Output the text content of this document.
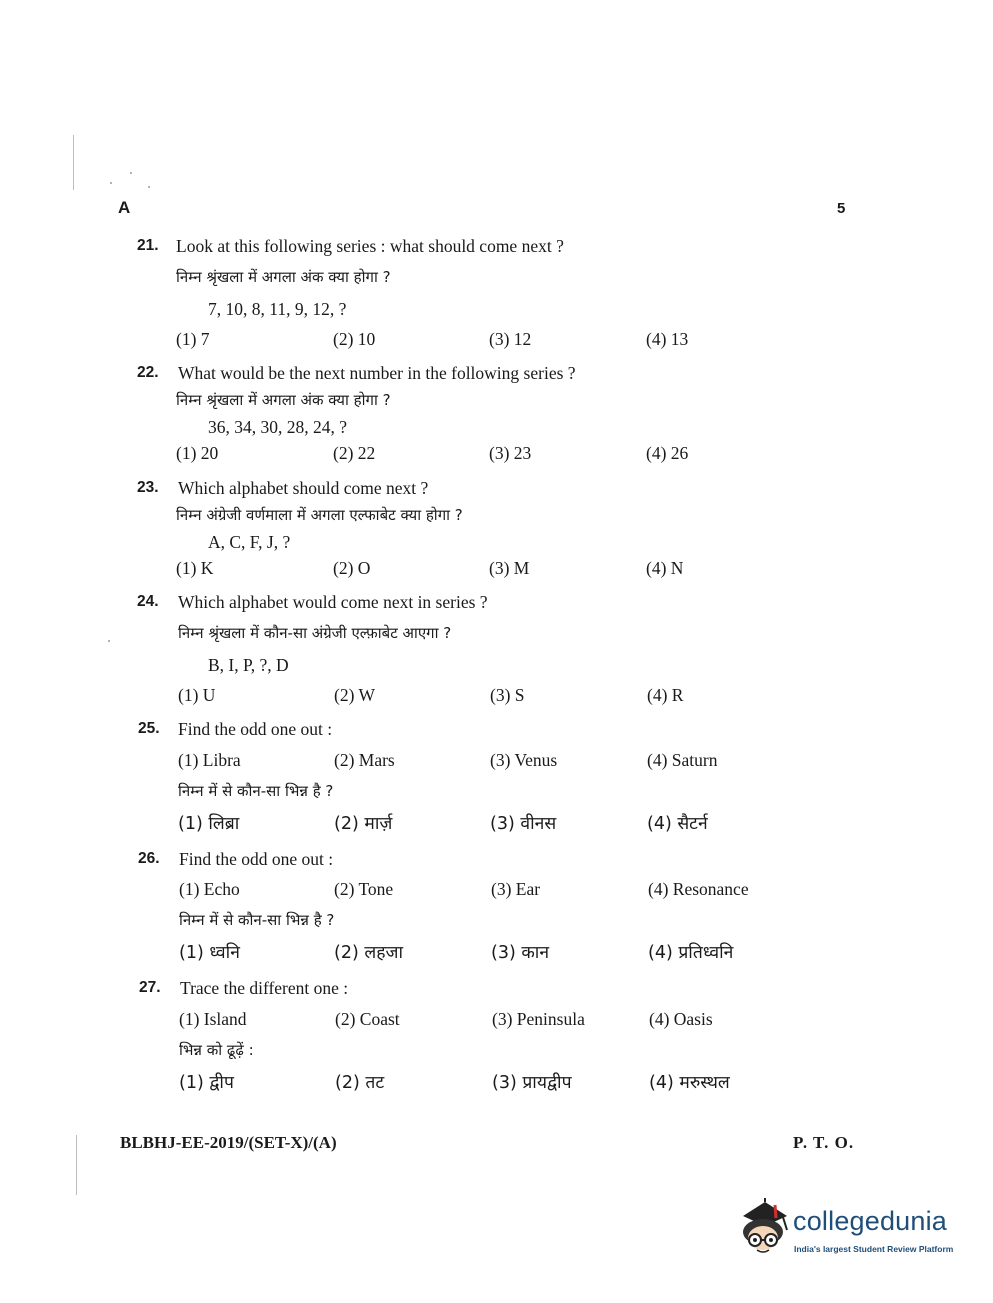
A	5
21. Look at this following series : what should come next ?
निम्न श्रृंखला में अगला अंक क्या होगा ?
7, 10, 8, 11, 9, 12, ?
(1) 7	(2) 10	(3) 12	(4) 13
22. What would be the next number in the following series ?
निम्न श्रृंखला में अगला अंक क्या होगा ?
36, 34, 30, 28, 24, ?
(1) 20	(2) 22	(3) 23	(4) 26
23. Which alphabet should come next ?
निम्न अंग्रेजी वर्णमाला में अगला एल्फाबेट क्या होगा ?
A, C, F, J, ?
(1) K	(2) O	(3) M	(4) N
24. Which alphabet would come next in series ?
निम्न श्रृंखला में कौन-सा अंग्रेजी एल्फ़ाबेट आएगा ?
B, I, P, ?, D
(1) U	(2) W	(3) S	(4) R
25. Find the odd one out :
(1) Libra	(2) Mars	(3) Venus	(4) Saturn
निम्न में से कौन-सा भिन्न है ?
(1) लिब्रा	(2) मार्ज़	(3) वीनस	(4) सैटर्न
26. Find the odd one out :
(1) Echo	(2) Tone	(3) Ear	(4) Resonance
निम्न में से कौन-सा भिन्न है ?
(1) ध्वनि	(2) लहजा	(3) कान	(4) प्रतिध्वनि
27. Trace the different one :
(1) Island	(2) Coast	(3) Peninsula	(4) Oasis
भिन्न को ढूढ़ें :
(1) द्वीप	(2) तट	(3) प्रायद्वीप	(4) मरुस्थल
BLBHJ-EE-2019/(SET-X)/(A)	P. T. O.
collegedunia
India's largest Student Review Platform
